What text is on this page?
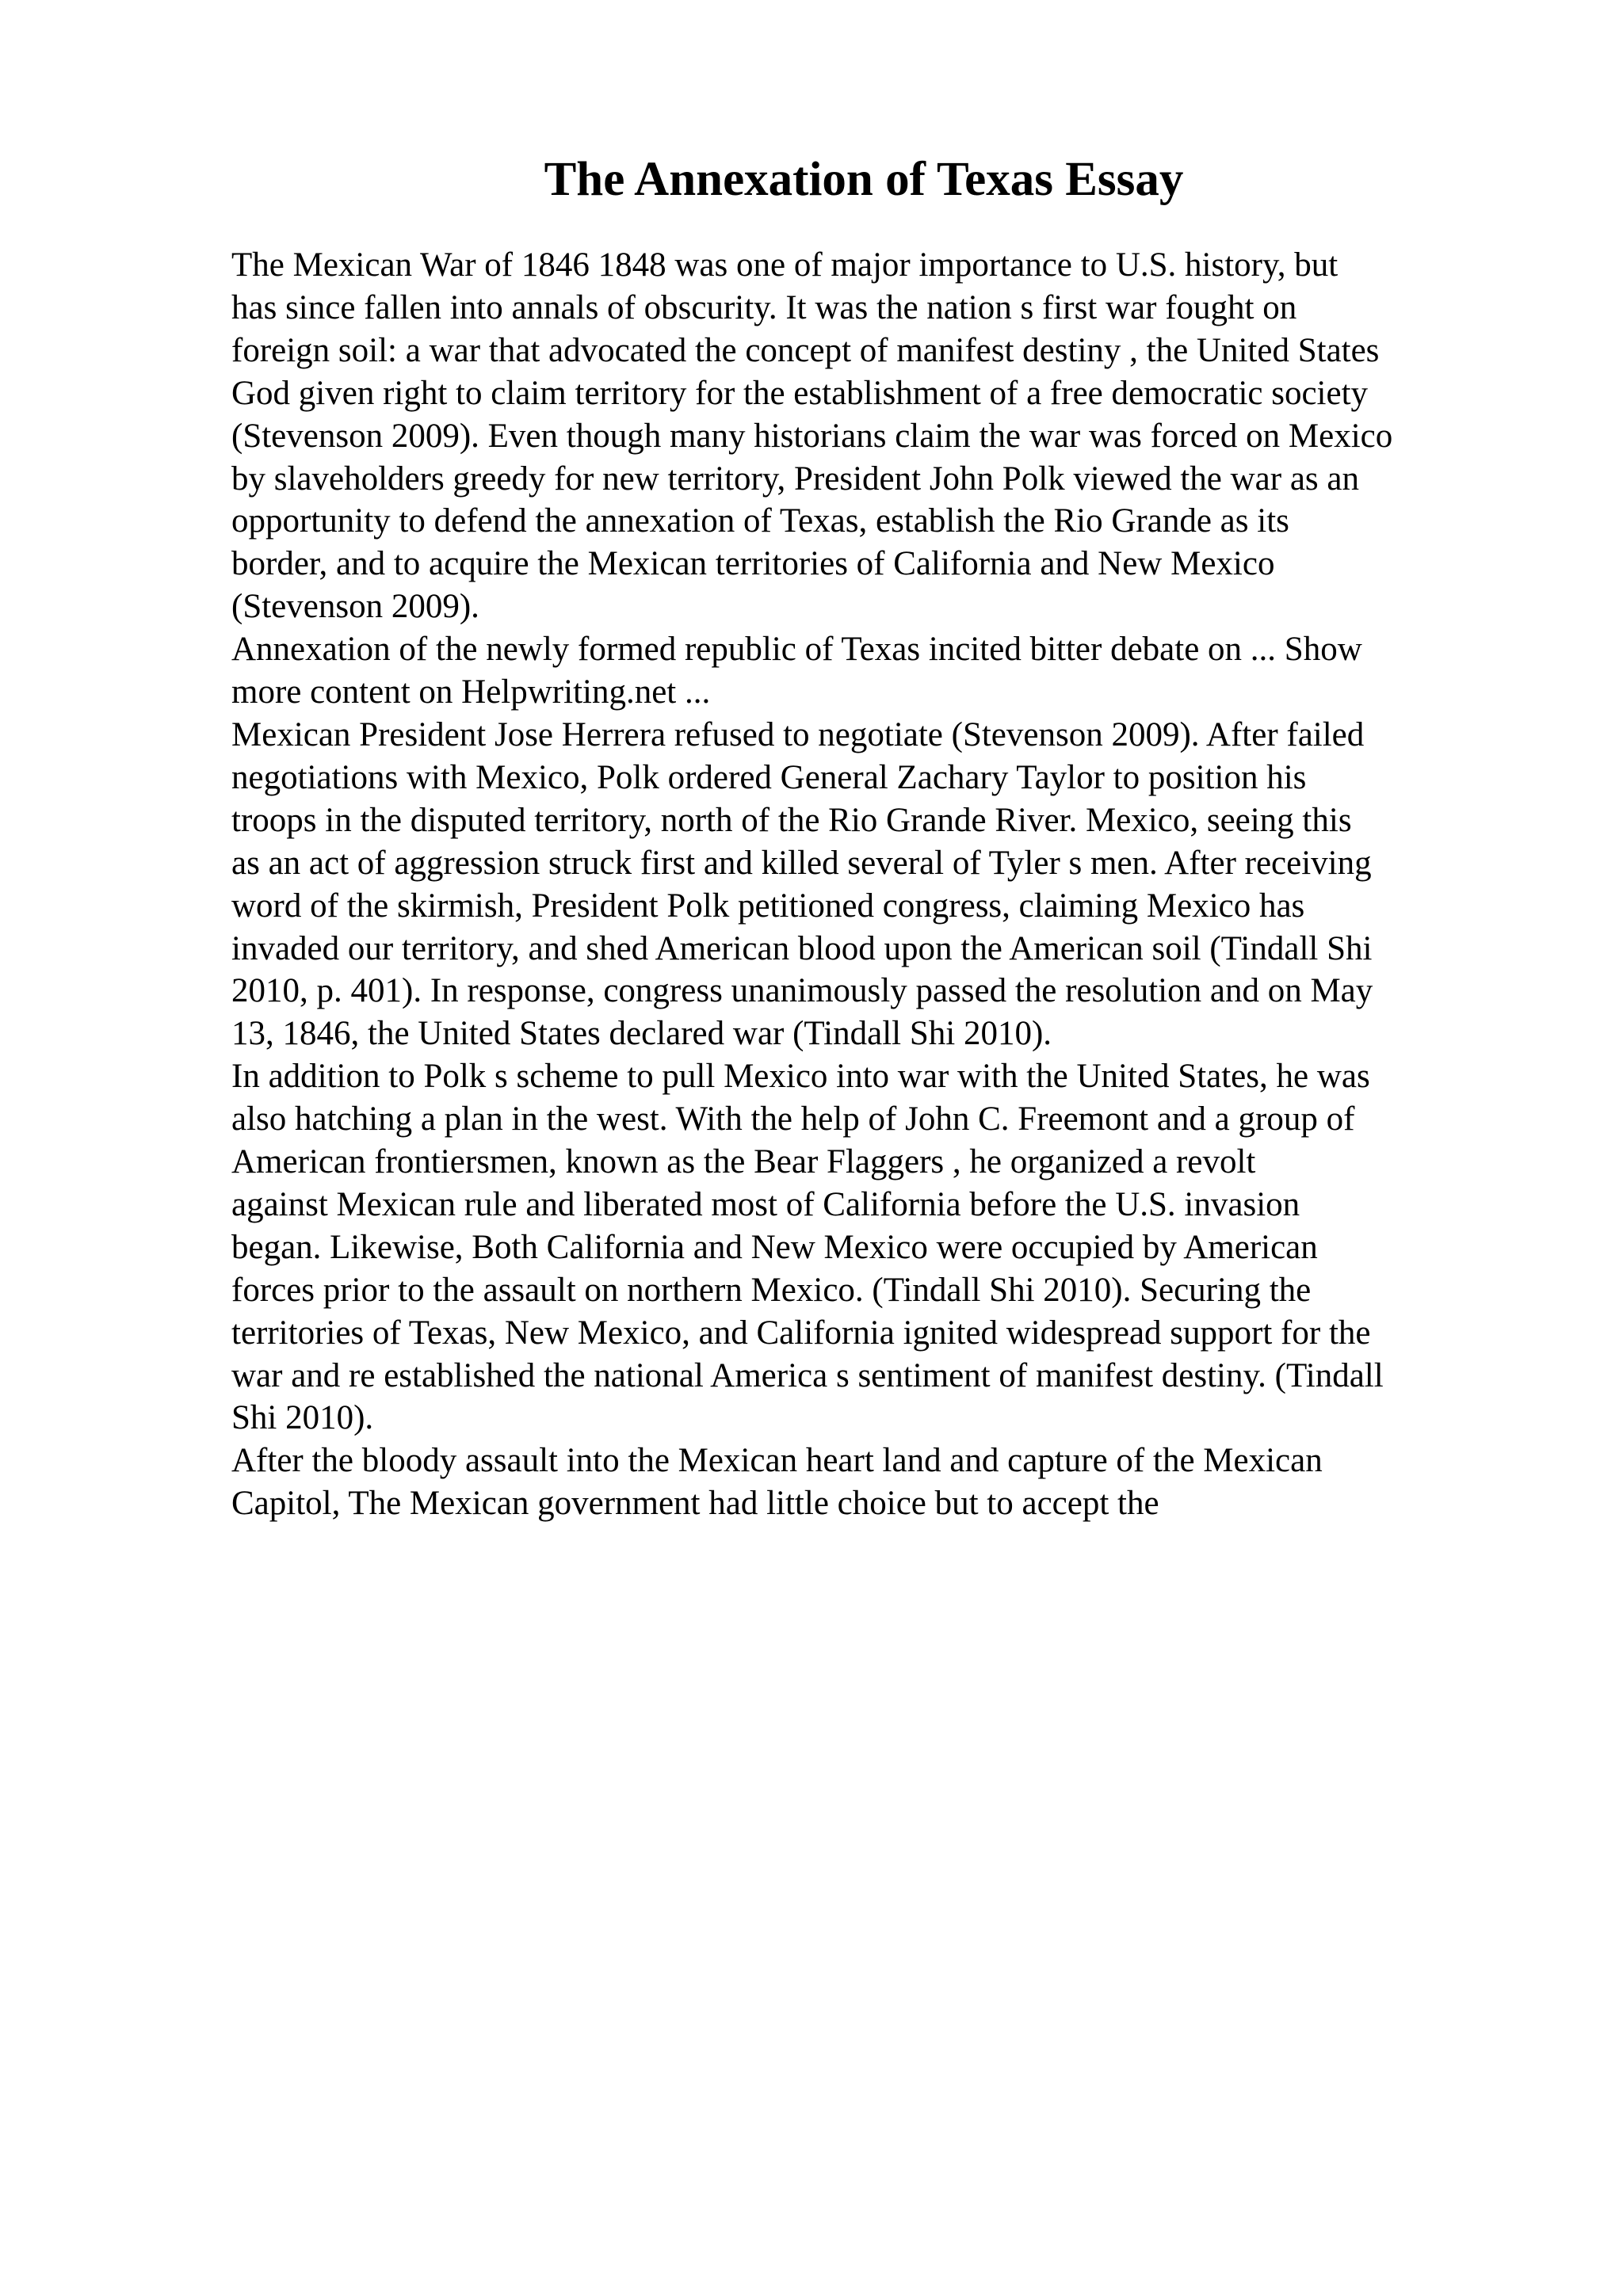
The Annexation of Texas Essay
The Mexican War of 1846 1848 was one of major importance to U.S. history, but
has since fallen into annals of obscurity. It was the nation s first war fought on
foreign soil: a war that advocated the concept of manifest destiny , the United States
God given right to claim territory for the establishment of a free democratic society
(Stevenson 2009). Even though many historians claim the war was forced on Mexico
by slaveholders greedy for new territory, President John Polk viewed the war as an
opportunity to defend the annexation of Texas, establish the Rio Grande as its
border, and to acquire the Mexican territories of California and New Mexico
(Stevenson 2009).
Annexation of the newly formed republic of Texas incited bitter debate on ... Show
more content on Helpwriting.net ...
Mexican President Jose Herrera refused to negotiate (Stevenson 2009). After failed
negotiations with Mexico, Polk ordered General Zachary Taylor to position his
troops in the disputed territory, north of the Rio Grande River. Mexico, seeing this
as an act of aggression struck first and killed several of Tyler s men. After receiving
word of the skirmish, President Polk petitioned congress, claiming Mexico has
invaded our territory, and shed American blood upon the American soil (Tindall Shi
2010, p. 401). In response, congress unanimously passed the resolution and on May
13, 1846, the United States declared war (Tindall Shi 2010).
In addition to Polk s scheme to pull Mexico into war with the United States, he was
also hatching a plan in the west. With the help of John C. Freemont and a group of
American frontiersmen, known as the Bear Flaggers , he organized a revolt
against Mexican rule and liberated most of California before the U.S. invasion
began. Likewise, Both California and New Mexico were occupied by American
forces prior to the assault on northern Mexico. (Tindall Shi 2010). Securing the
territories of Texas, New Mexico, and California ignited widespread support for the
war and re established the national America s sentiment of manifest destiny. (Tindall
Shi 2010).
After the bloody assault into the Mexican heart land and capture of the Mexican
Capitol, The Mexican government had little choice but to accept the
